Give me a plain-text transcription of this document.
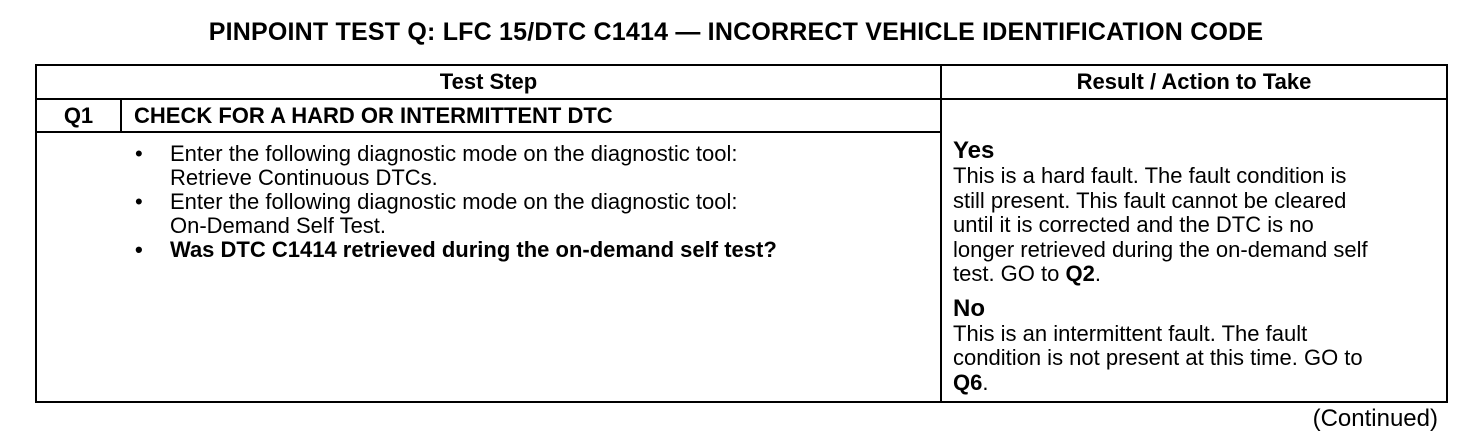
PINPOINT TEST Q: LFC 15/DTC C1414 — INCORRECT VEHICLE IDENTIFICATION CODE
Test Step	Result / Action to Take
Q1	CHECK FOR A HARD OR INTERMITTENT DTC
• Enter the following diagnostic mode on the diagnostic tool:
Retrieve Continuous DTCs.
• Enter the following diagnostic mode on the diagnostic tool:
On-Demand Self Test.
• Was DTC C1414 retrieved during the on-demand self test?
Yes
This is a hard fault. The fault condition is
still present. This fault cannot be cleared
until it is corrected and the DTC is no
longer retrieved during the on-demand self
test. GO to Q2.
No
This is an intermittent fault. The fault
condition is not present at this time. GO to
Q6.
(Continued)
